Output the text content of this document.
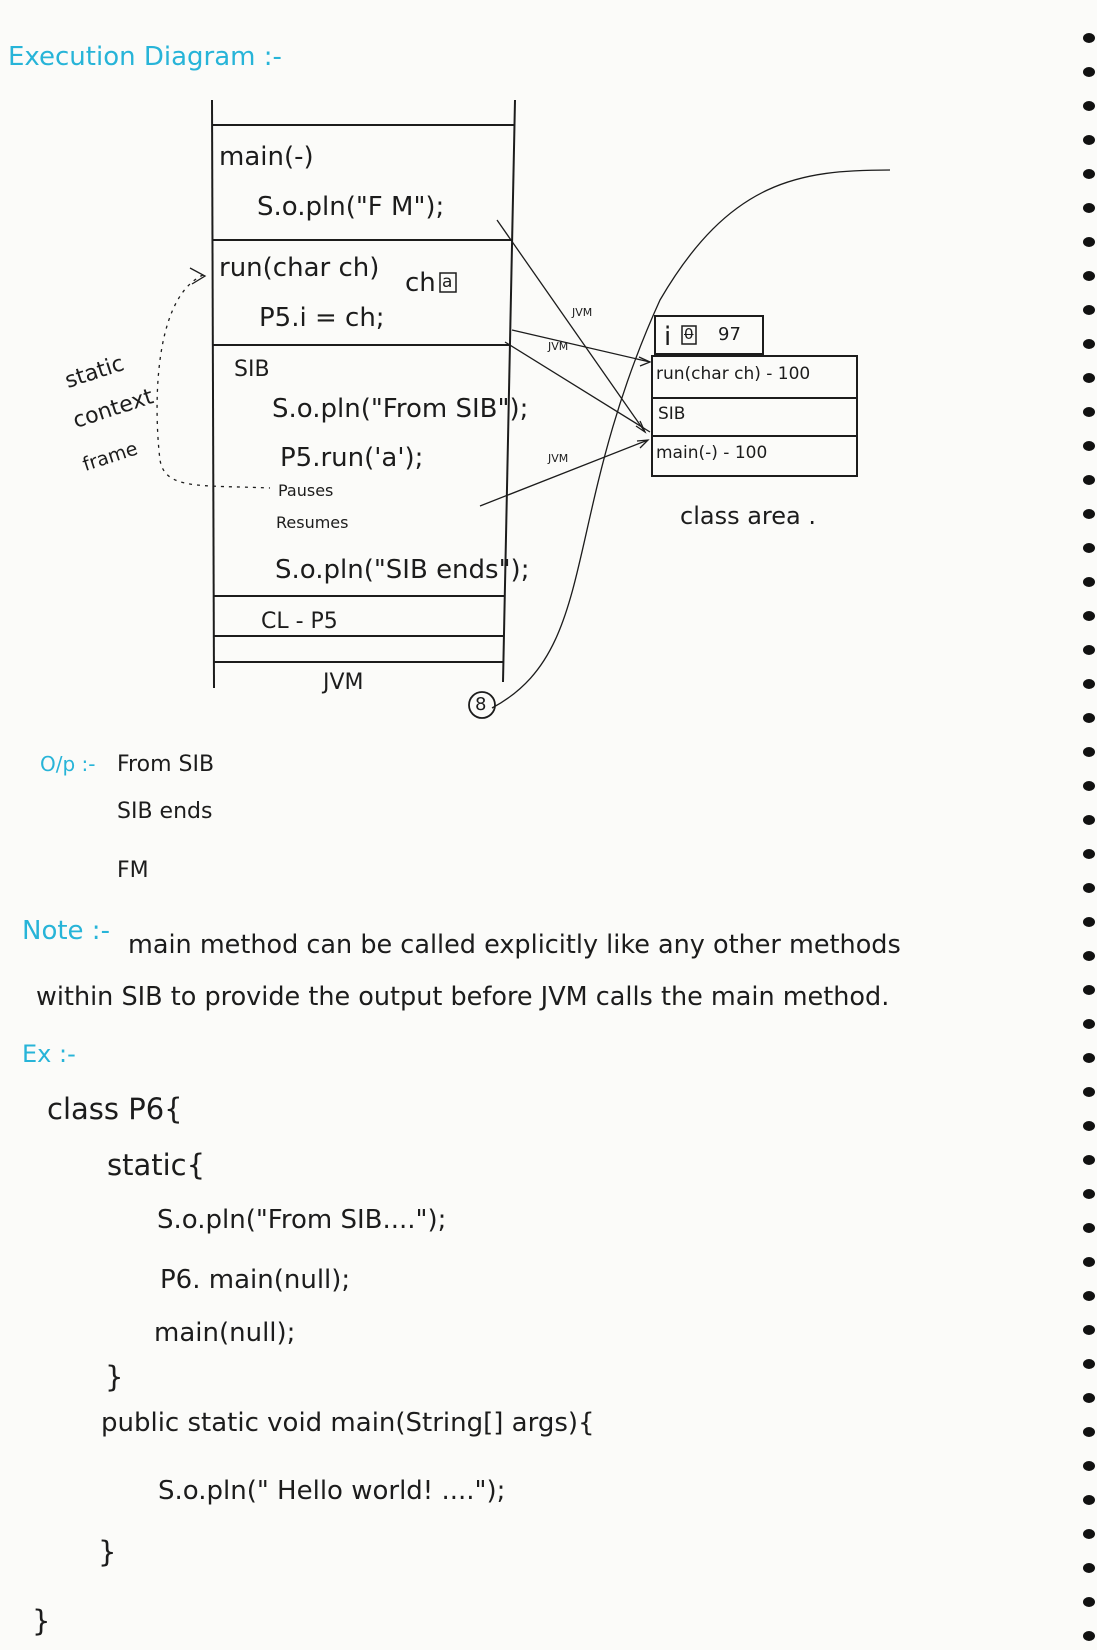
Execution Diagram :-
main(-)
S.o.pln("F M");
run(char ch) ch a
P5.i = ch;
SIB
S.o.pln("From SIB");
P5.run('a');
Pauses
Resumes
S.o.pln("SIB ends");
CL - P5
JVM
8
static
context
frame
JVM
JVM
JVM
i 0 97
run(char ch) - 100
SIB
main(-) - 100
class area .
O/p :- From SIB
SIB ends
FM
Note :- main method can be called explicitly like any other methods
within SIB to provide the output before JVM calls the main method.
Ex :-
class P6{
static{
S.o.pln("From SIB....");
P6. main(null);
main(null);
}
public static void main(String[] args){
S.o.pln(" Hello world! ....");
}
}
